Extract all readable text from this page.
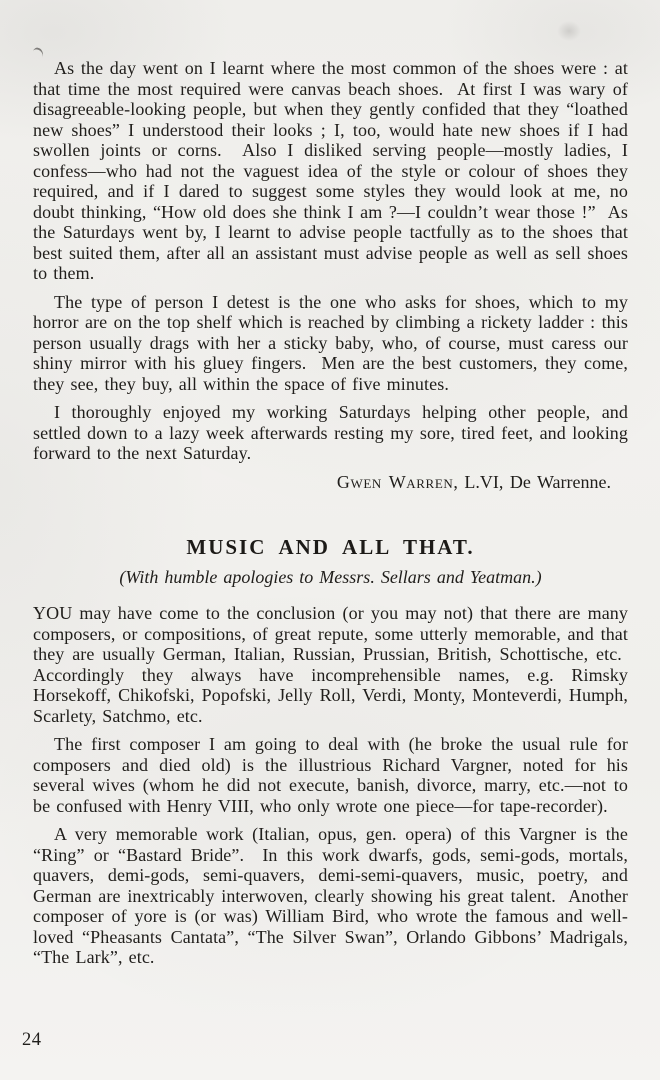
As the day went on I learnt where the most common of the shoes were : at that time the most required were canvas beach shoes.  At first I was wary of disagreeable-looking people, but when they gently confided that they “loathed new shoes” I understood their looks ; I, too, would hate new shoes if I had swollen joints or corns.  Also I disliked serving people—mostly ladies, I confess—who had not the vaguest idea of the style or colour of shoes they required, and if I dared to suggest some styles they would look at me, no doubt thinking, “How old does she think I am ?—I couldn’t wear those !”  As the Saturdays went by, I learnt to advise people tactfully as to the shoes that best suited them, after all an assistant must advise people as well as sell shoes to them.

The type of person I detest is the one who asks for shoes, which to my horror are on the top shelf which is reached by climbing a rickety ladder : this person usually drags with her a sticky baby, who, of course, must caress our shiny mirror with his gluey fingers.  Men are the best customers, they come, they see, they buy, all within the space of five minutes.

I thoroughly enjoyed my working Saturdays helping other people, and settled down to a lazy week afterwards resting my sore, tired feet, and looking forward to the next Saturday.

Gwen Warren, L.VI, De Warrenne.
MUSIC AND ALL THAT.
(With humble apologies to Messrs. Sellars and Yeatman.)

YOU may have come to the conclusion (or you may not) that there are many composers, or compositions, of great repute, some utterly memorable, and that they are usually German, Italian, Russian, Prussian, British, Schottische, etc.  Accordingly they always have incomprehensible names, e.g. Rimsky Horsekoff, Chikofski, Popofski, Jelly Roll, Verdi, Monty, Monteverdi, Humph, Scarlety, Satchmo, etc.

The first composer I am going to deal with (he broke the usual rule for composers and died old) is the illustrious Richard Vargner, noted for his several wives (whom he did not execute, banish, divorce, marry, etc.—not to be confused with Henry VIII, who only wrote one piece—for tape-recorder).

A very memorable work (Italian, opus, gen. opera) of this Vargner is the “Ring” or “Bastard Bride”.  In this work dwarfs, gods, semi-gods, mortals, quavers, demi-gods, semi-quavers, demi-semi-quavers, music, poetry, and German are inextricably interwoven, clearly showing his great talent.  Another composer of yore is (or was) William Bird, who wrote the famous and well-loved “Pheasants Cantata”, “The Silver Swan”, Orlando Gibbons’ Madrigals, “The Lark”, etc.

24
